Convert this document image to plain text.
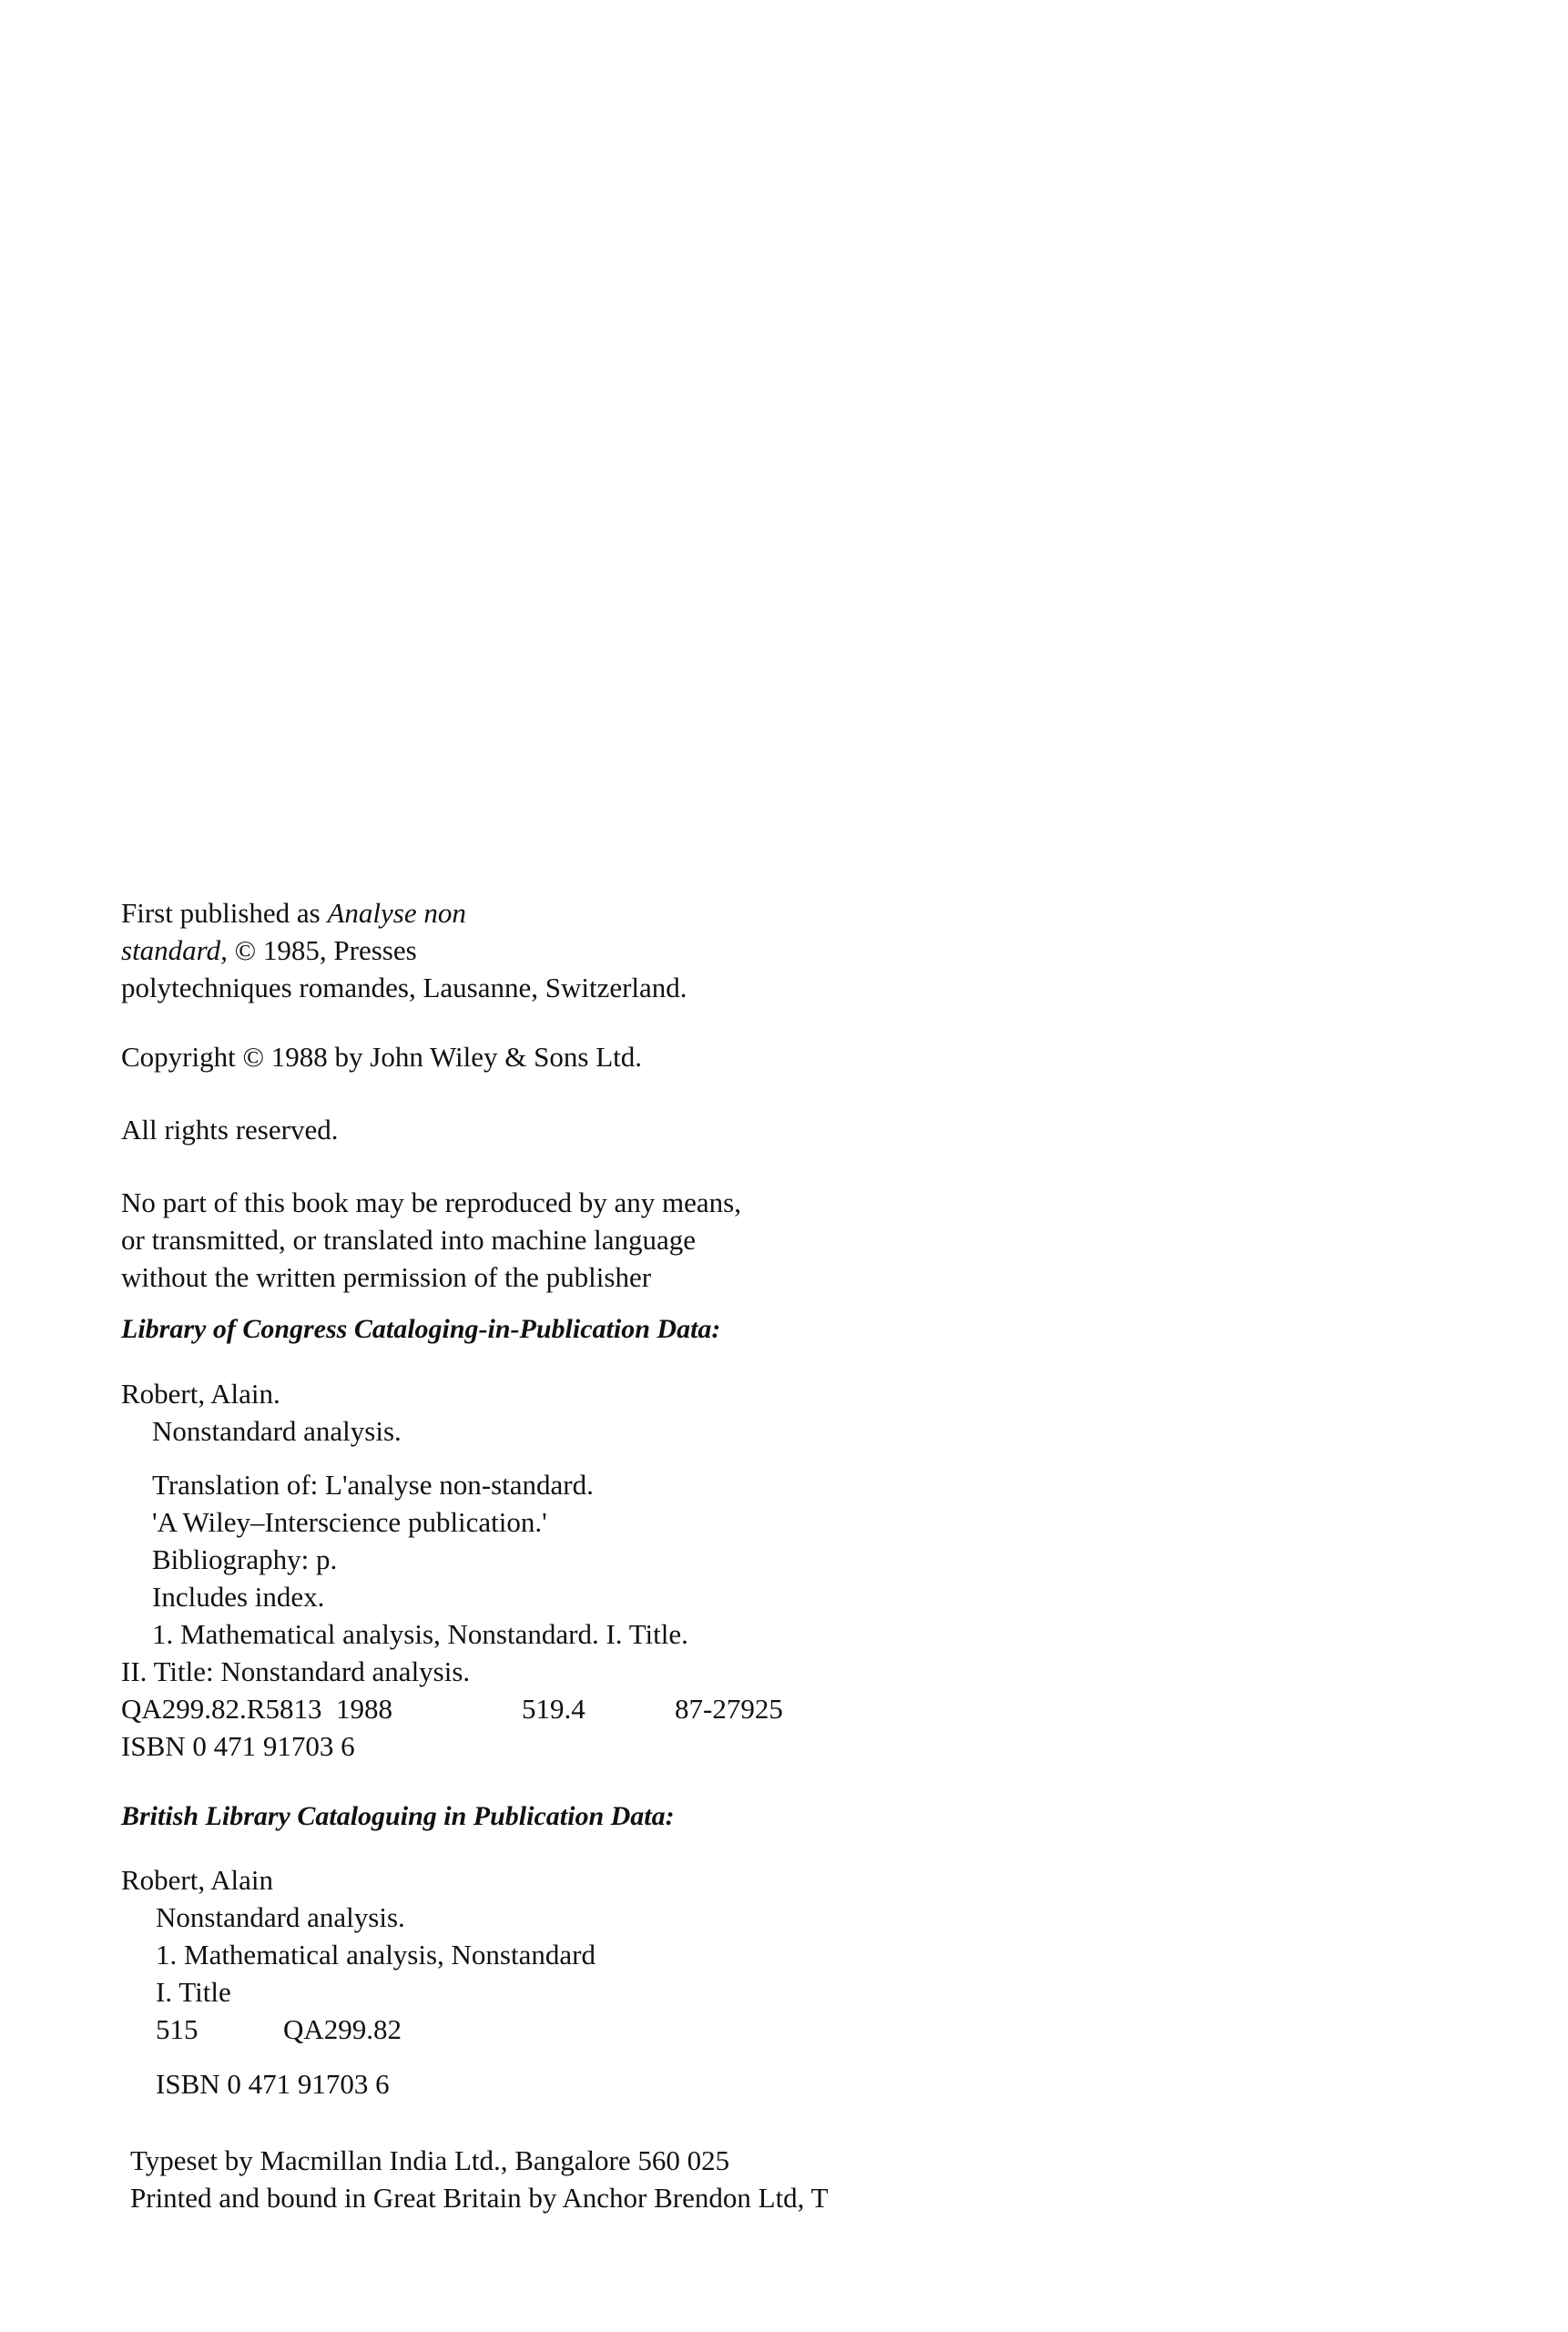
First published as Analyse non
standard, © 1985, Presses
polytechniques romandes, Lausanne, Switzerland.
Copyright © 1988 by John Wiley & Sons Ltd.
All rights reserved.
No part of this book may be reproduced by any means,
or transmitted, or translated into machine language
without the written permission of the publisher
Library of Congress Cataloging-in-Publication Data:
Robert, Alain.
Nonstandard analysis.
Translation of: L'analyse non-standard.
'A Wiley–Interscience publication.'
Bibliography: p.
Includes index.
1. Mathematical analysis, Nonstandard. I. Title.
II. Title: Nonstandard analysis.
QA299.82.R5813 1988	519.4	87-27925
ISBN 0 471 91703 6
British Library Cataloguing in Publication Data:
Robert, Alain
Nonstandard analysis.
1. Mathematical analysis, Nonstandard
I. Title
515	QA299.82
ISBN 0 471 91703 6
Typeset by Macmillan India Ltd., Bangalore 560 025
Printed and bound in Great Britain by Anchor Brendon Ltd, T
